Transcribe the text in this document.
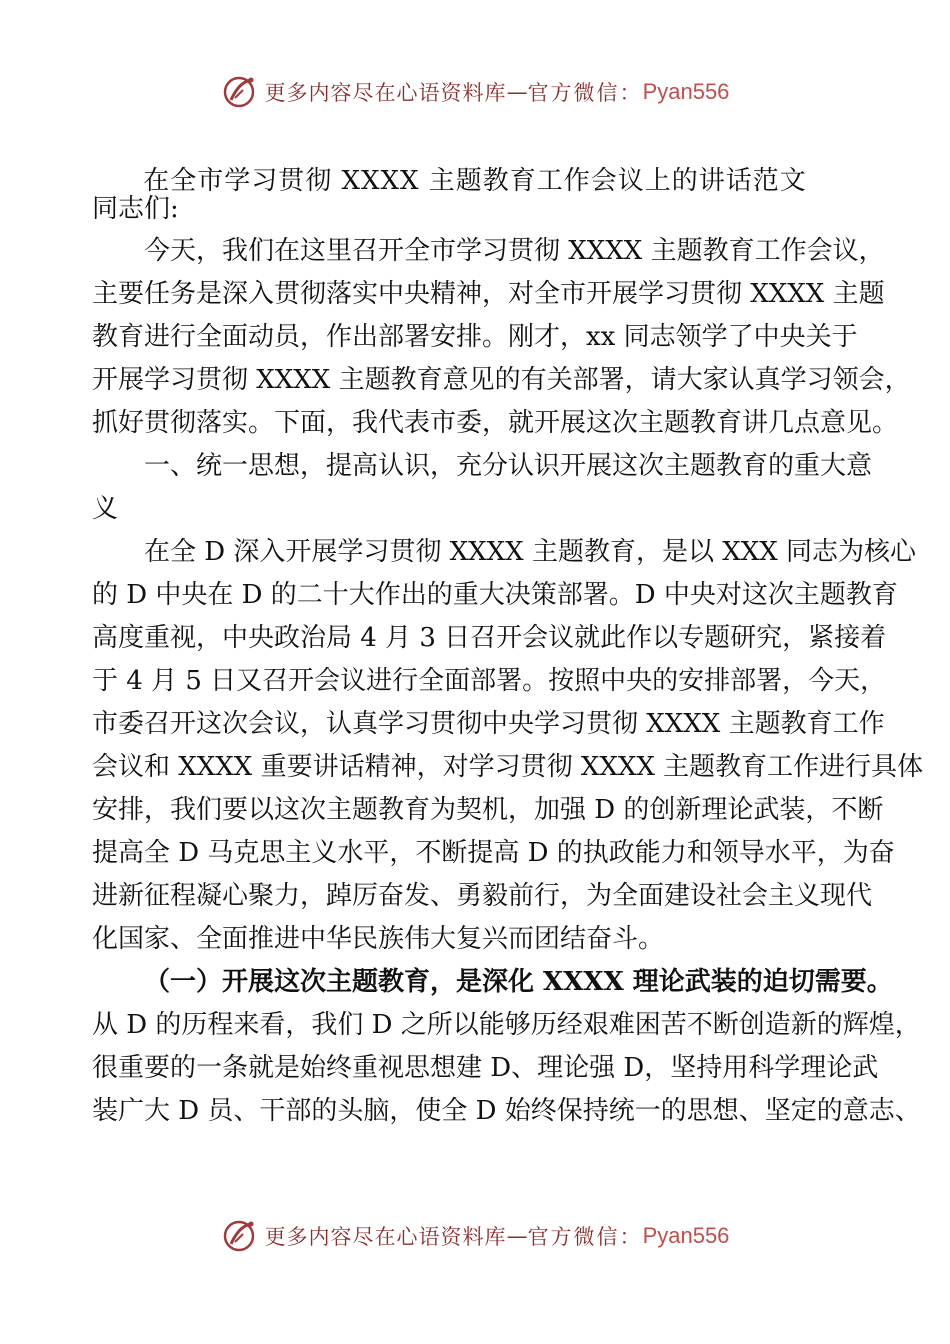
更多内容尽在心语资料库 — 官方微信： Pyan556
在全市学习贯彻 XXXX 主题教育工作会议上的讲话范文
同志们:
今天，我们在这里召开全市学习贯彻 XXXX 主题教育工作会议，
主要任务是深入贯彻落实中央精神，对全市开展学习贯彻 XXXX 主题
教育进行全面动员，作出部署安排。刚才，xx 同志领学了中央关于
开展学习贯彻 XXXX 主题教育意见的有关部署，请大家认真学习领会，
抓好贯彻落实。下面，我代表市委，就开展这次主题教育讲几点意见。
一、统一思想，提高认识，充分认识开展这次主题教育的重大意
义
在全 D 深入开展学习贯彻 XXXX 主题教育，是以 XXX 同志为核心
的 D 中央在 D 的二十大作出的重大决策部署。D 中央对这次主题教育
高度重视，中央政治局 4 月 3 日召开会议就此作以专题研究，紧接着
于 4 月 5 日又召开会议进行全面部署。按照中央的安排部署，今天，
市委召开这次会议，认真学习贯彻中央学习贯彻 XXXX 主题教育工作
会议和 XXXX 重要讲话精神，对学习贯彻 XXXX 主题教育工作进行具体
安排，我们要以这次主题教育为契机，加强 D 的创新理论武装，不断
提高全 D 马克思主义水平，不断提高 D 的执政能力和领导水平，为奋
进新征程凝心聚力，踔厉奋发、勇毅前行，为全面建设社会主义现代
化国家、全面推进中华民族伟大复兴而团结奋斗。
（一）开展这次主题教育，是深化 XXXX 理论武装的迫切需要。
从 D 的历程来看，我们 D 之所以能够历经艰难困苦不断创造新的辉煌，
很重要的一条就是始终重视思想建 D、理论强 D，坚持用科学理论武
装广大 D 员、干部的头脑，使全 D 始终保持统一的思想、坚定的意志、
更多内容尽在心语资料库 — 官方微信： Pyan556
